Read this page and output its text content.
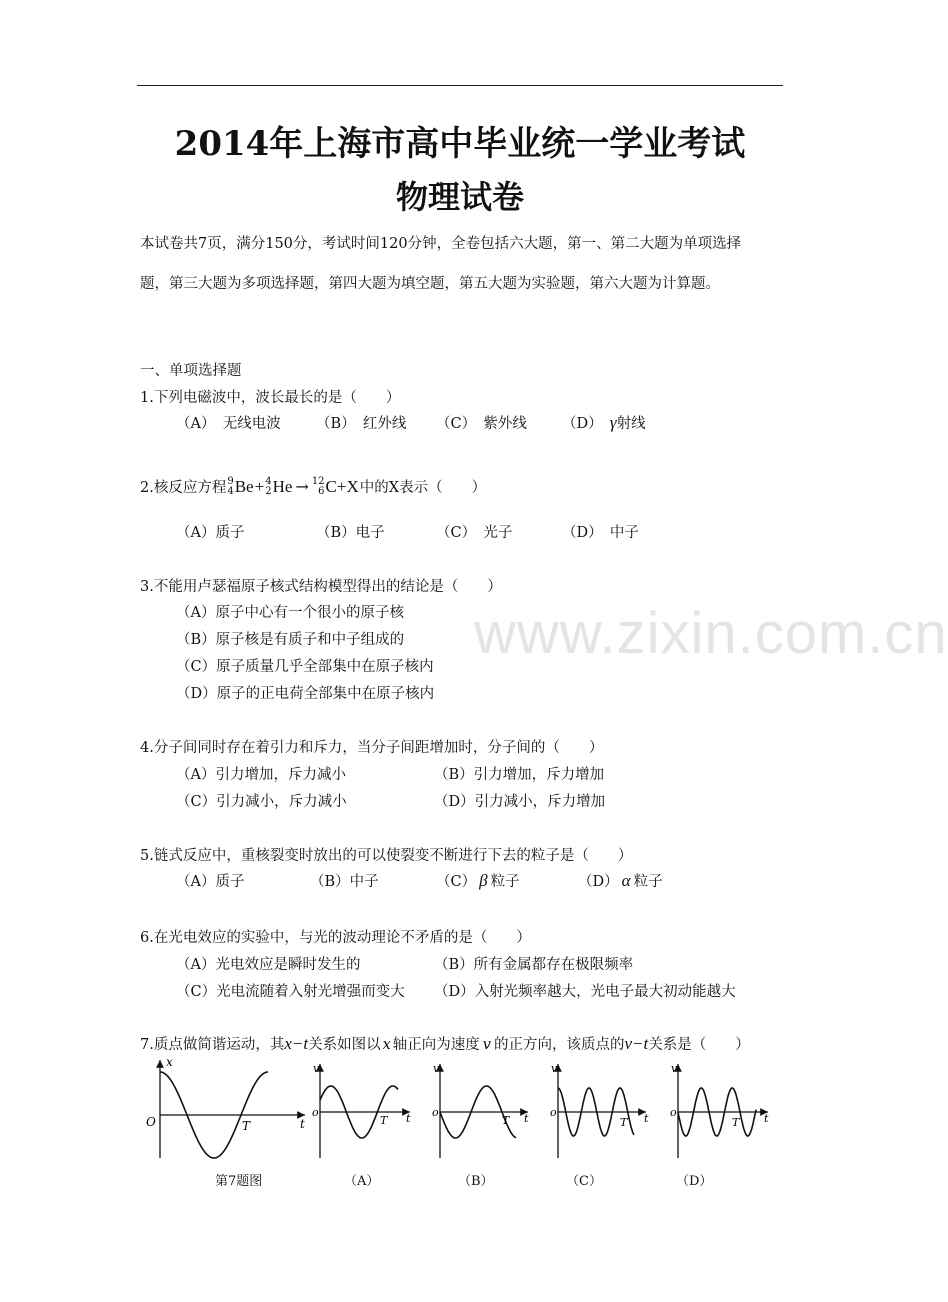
2014年上海市高中毕业统一学业考试
物理试卷
本试卷共7页，满分150分，考试时间120分钟，全卷包括六大题，第一、第二大题为单项选择
题，第三大题为多项选择题，第四大题为填空题，第五大题为实验题，第六大题为计算题。
一、单项选择题
1.下列电磁波中，波长最长的是（　　）
（A）　无线电波 （B）　红外线 （C）　紫外线 （D）　γ射线
2.核反应方程 9
4 Be + 4
2 He → 12
6 C+X 中的X表示（　　）
（A）质子	（B）电子	（C）　光子	（D）　中子
3.不能用卢瑟福原子核式结构模型得出的结论是（　　）
（A）原子中心有一个很小的原子核
（B）原子核是有质子和中子组成的
（C）原子质量几乎全部集中在原子核内
（D）原子的正电荷全部集中在原子核内
4.分子间同时存在着引力和斥力，当分子间距增加时，分子间的（　　）
（A）引力增加，斥力减小	（B）引力增加，斥力增加
（C）引力减小，斥力减小	（D）引力减小，斥力增加
5.链式反应中，重核裂变时放出的可以使裂变不断进行下去的粒子是（　　）
（A）质子	（B）中子	（C） β 粒子	（D） α 粒子
6.在光电效应的实验中，与光的波动理论不矛盾的是（　　）
（A）光电效应是瞬时发生的	（B）所有金属都存在极限频率
（C）光电流随着入射光增强而变大 （D）入射光频率越大，光电子最大初动能越大
7.质点做简谐运动，其 x−t 关系如图以 x 轴正向为速度 v 的正方向，该质点的 v−t 关系是（　　）
x
O	T	t
v
o
T t
v
o
T t
v
o
T t
v
o
T t
第7题图	（A）	（B）	（C）	（D）
www.zixin.com.cn
